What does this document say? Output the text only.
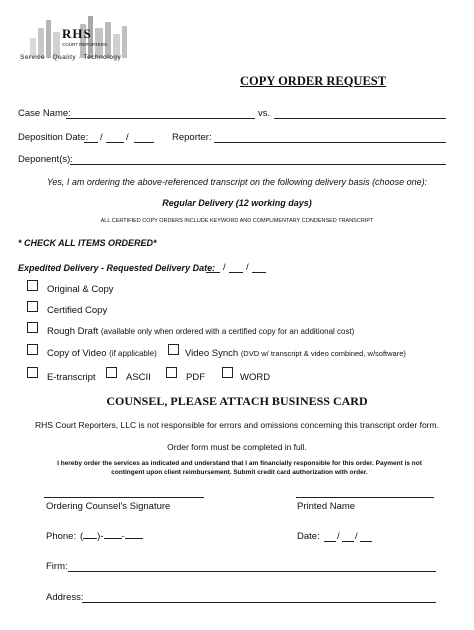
RHS
COURT REPORTERS
Service · Quality · Technology
COPY ORDER REQUEST
Case Name:	vs.
Deposition Date: / /	Reporter:
Deponent(s):
Yes, I am ordering the above-referenced transcript on the following delivery basis (choose one):
Regular Delivery (12 working days)
ALL CERTIFIED COPY ORDERS INCLUDE KEYWORD AND COMPLIMENTARY CONDENSED TRANSCRIPT
* CHECK ALL ITEMS ORDERED*
Expedited Delivery - Requested Delivery Date: / /
Original & Copy
Certified Copy
Rough Draft (available only when ordered with a certified copy for an additional cost)
Copy of Video (if applicable)	Video Synch (DVD w/ transcript & video combined, w/software)
E-transcript	ASCII	PDF	WORD
COUNSEL, PLEASE ATTACH BUSINESS CARD
RHS Court Reporters, LLC is not responsible for errors and omissions concerning this transcript order form.
Order form must be completed in full.
I hereby order the services as indicated and understand that I am financially responsible for this order. Payment is not contingent upon client reimbursement. Submit credit card authorization with order.
Ordering Counsel's Signature	Printed Name
Phone: ( )- -	Date: / /
Firm:
Address:
